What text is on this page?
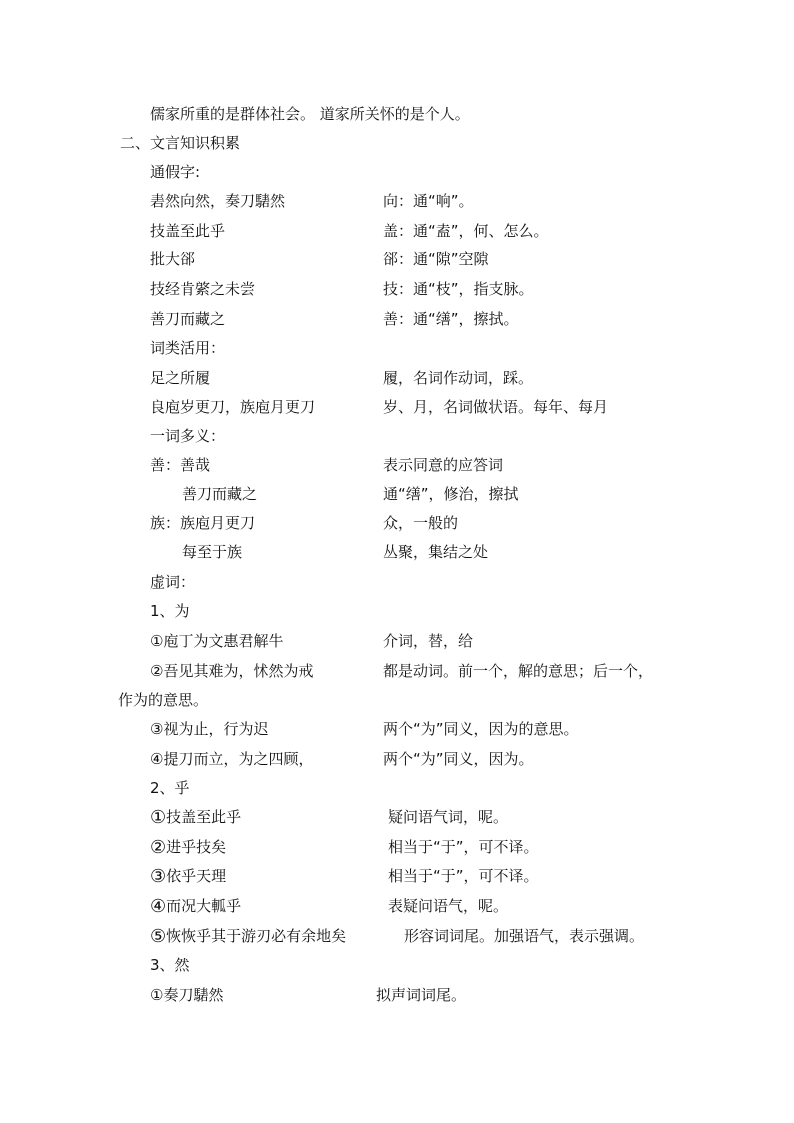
儒家所重的是群体社会。 道家所关怀的是个人。
二、文言知识积累
通假字:
砉然向然，奏刀騞然	向：通“响”。
技盖至此乎	盖：通“盍”，何、怎么。
批大郤	郤：通“隙”空隙
技经肯綮之未尝	技：通“枝”，指支脉。
善刀而藏之	善：通“缮”，擦拭。
词类活用：
足之所履	履，名词作动词，踩。
良庖岁更刀，族庖月更刀	岁、月，名词做状语。每年、每月
一词多义：
善：善哉	表示同意的应答词
善刀而藏之	通“缮”，修治，擦拭
族：族庖月更刀	众，一般的
每至于族	丛聚，集结之处
虚词：
1、为
①庖丁为文惠君解牛	介词，替，给
②吾见其难为，怵然为戒	都是动词。前一个，解的意思；后一个，
作为的意思。
③视为止，行为迟	两个“为”同义，因为的意思。
④提刀而立，为之四顾，	两个“为”同义，因为。
2、乎
①技盖至此乎	疑问语气词，呢。
②进乎技矣	相当于“于”，可不译。
③依乎天理	相当于“于”，可不译。
④而况大軱乎	表疑问语气，呢。
⑤恢恢乎其于游刃必有余地矣	形容词词尾。加强语气，表示强调。
3、然
①奏刀騞然	拟声词词尾。
